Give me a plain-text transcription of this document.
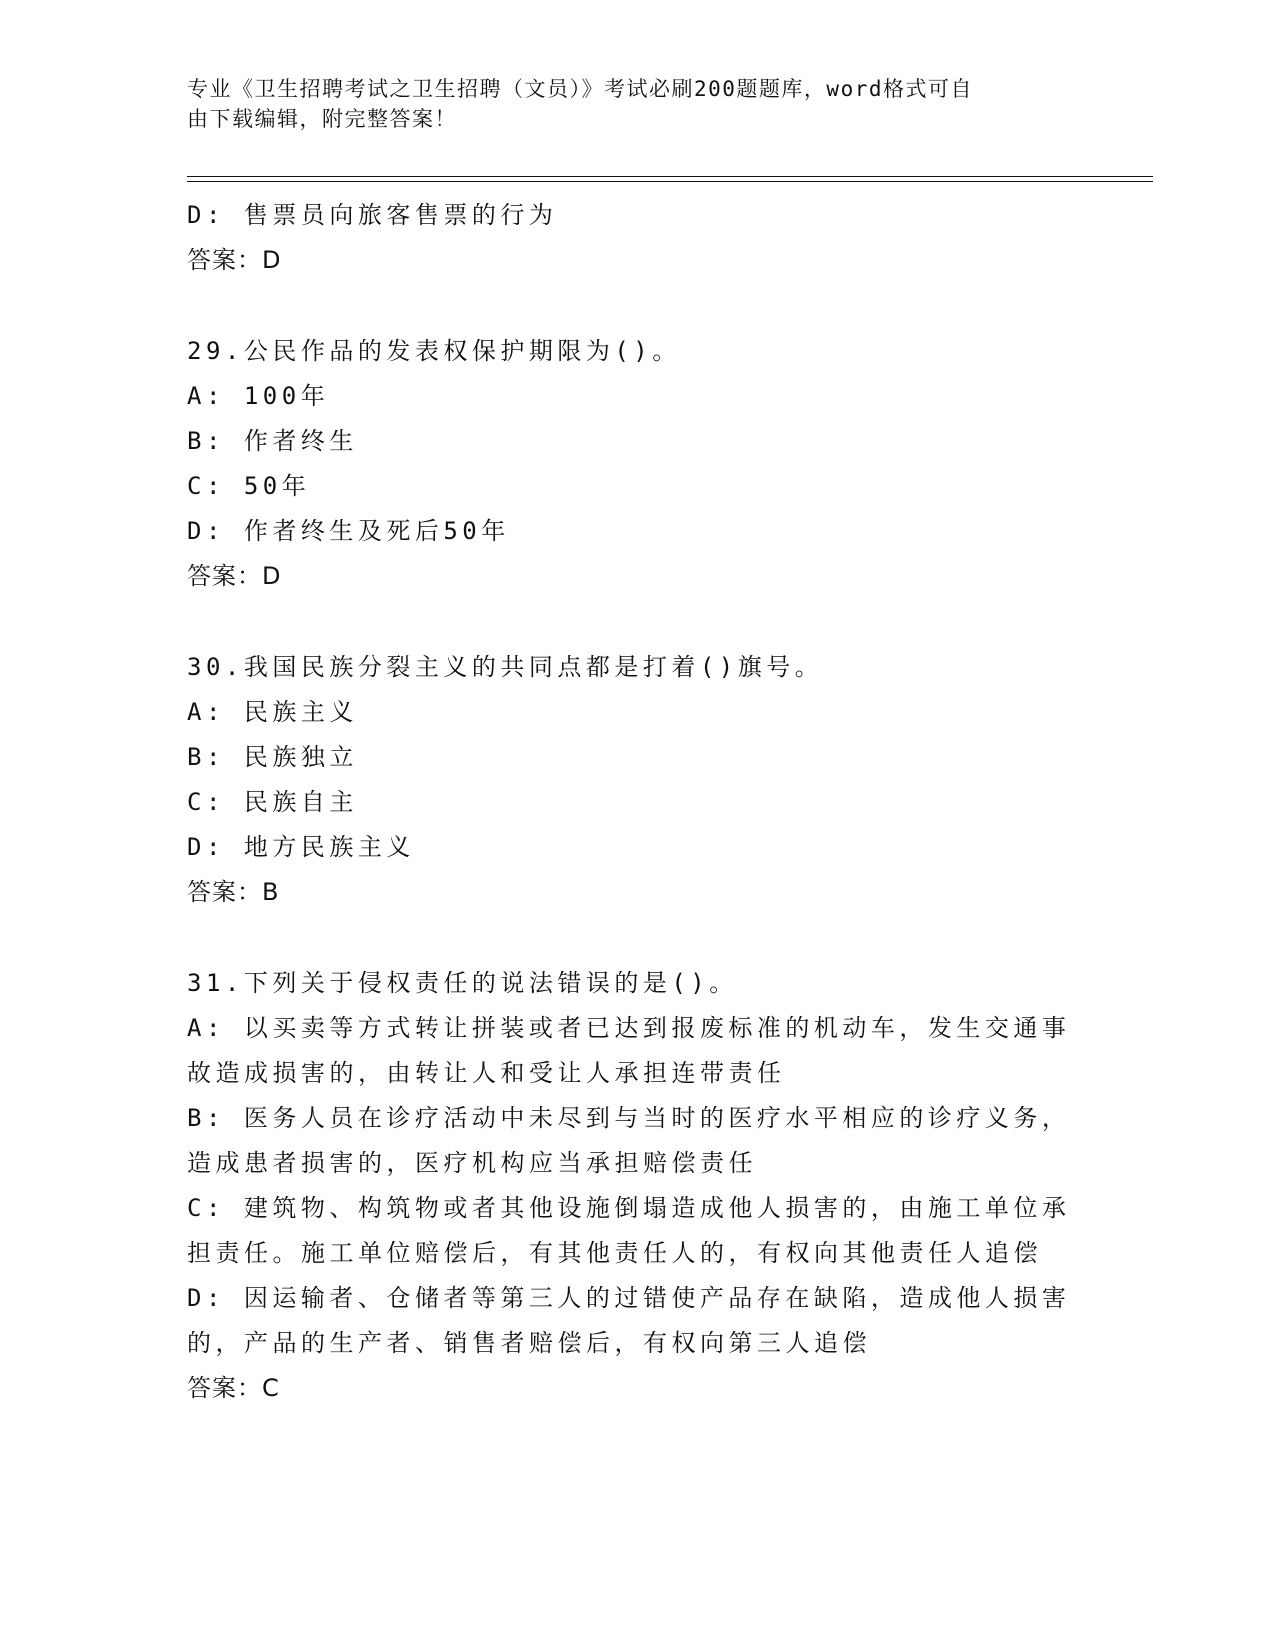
专业《卫生招聘考试之卫生招聘（文员）》考试必刷200题题库，word格式可自
由下载编辑，附完整答案！
D: 售票员向旅客售票的行为
答案：D
29.公民作品的发表权保护期限为()。
A: 100年
B: 作者终生
C: 50年
D: 作者终生及死后50年
答案：D
30.我国民族分裂主义的共同点都是打着()旗号。
A: 民族主义
B: 民族独立
C: 民族自主
D: 地方民族主义
答案：B
31.下列关于侵权责任的说法错误的是()。
A: 以买卖等方式转让拼装或者已达到报废标准的机动车，发生交通事
故造成损害的，由转让人和受让人承担连带责任
B: 医务人员在诊疗活动中未尽到与当时的医疗水平相应的诊疗义务，
造成患者损害的，医疗机构应当承担赔偿责任
C: 建筑物、构筑物或者其他设施倒塌造成他人损害的，由施工单位承
担责任。施工单位赔偿后，有其他责任人的，有权向其他责任人追偿
D: 因运输者、仓储者等第三人的过错使产品存在缺陷，造成他人损害
的，产品的生产者、销售者赔偿后，有权向第三人追偿
答案：C
